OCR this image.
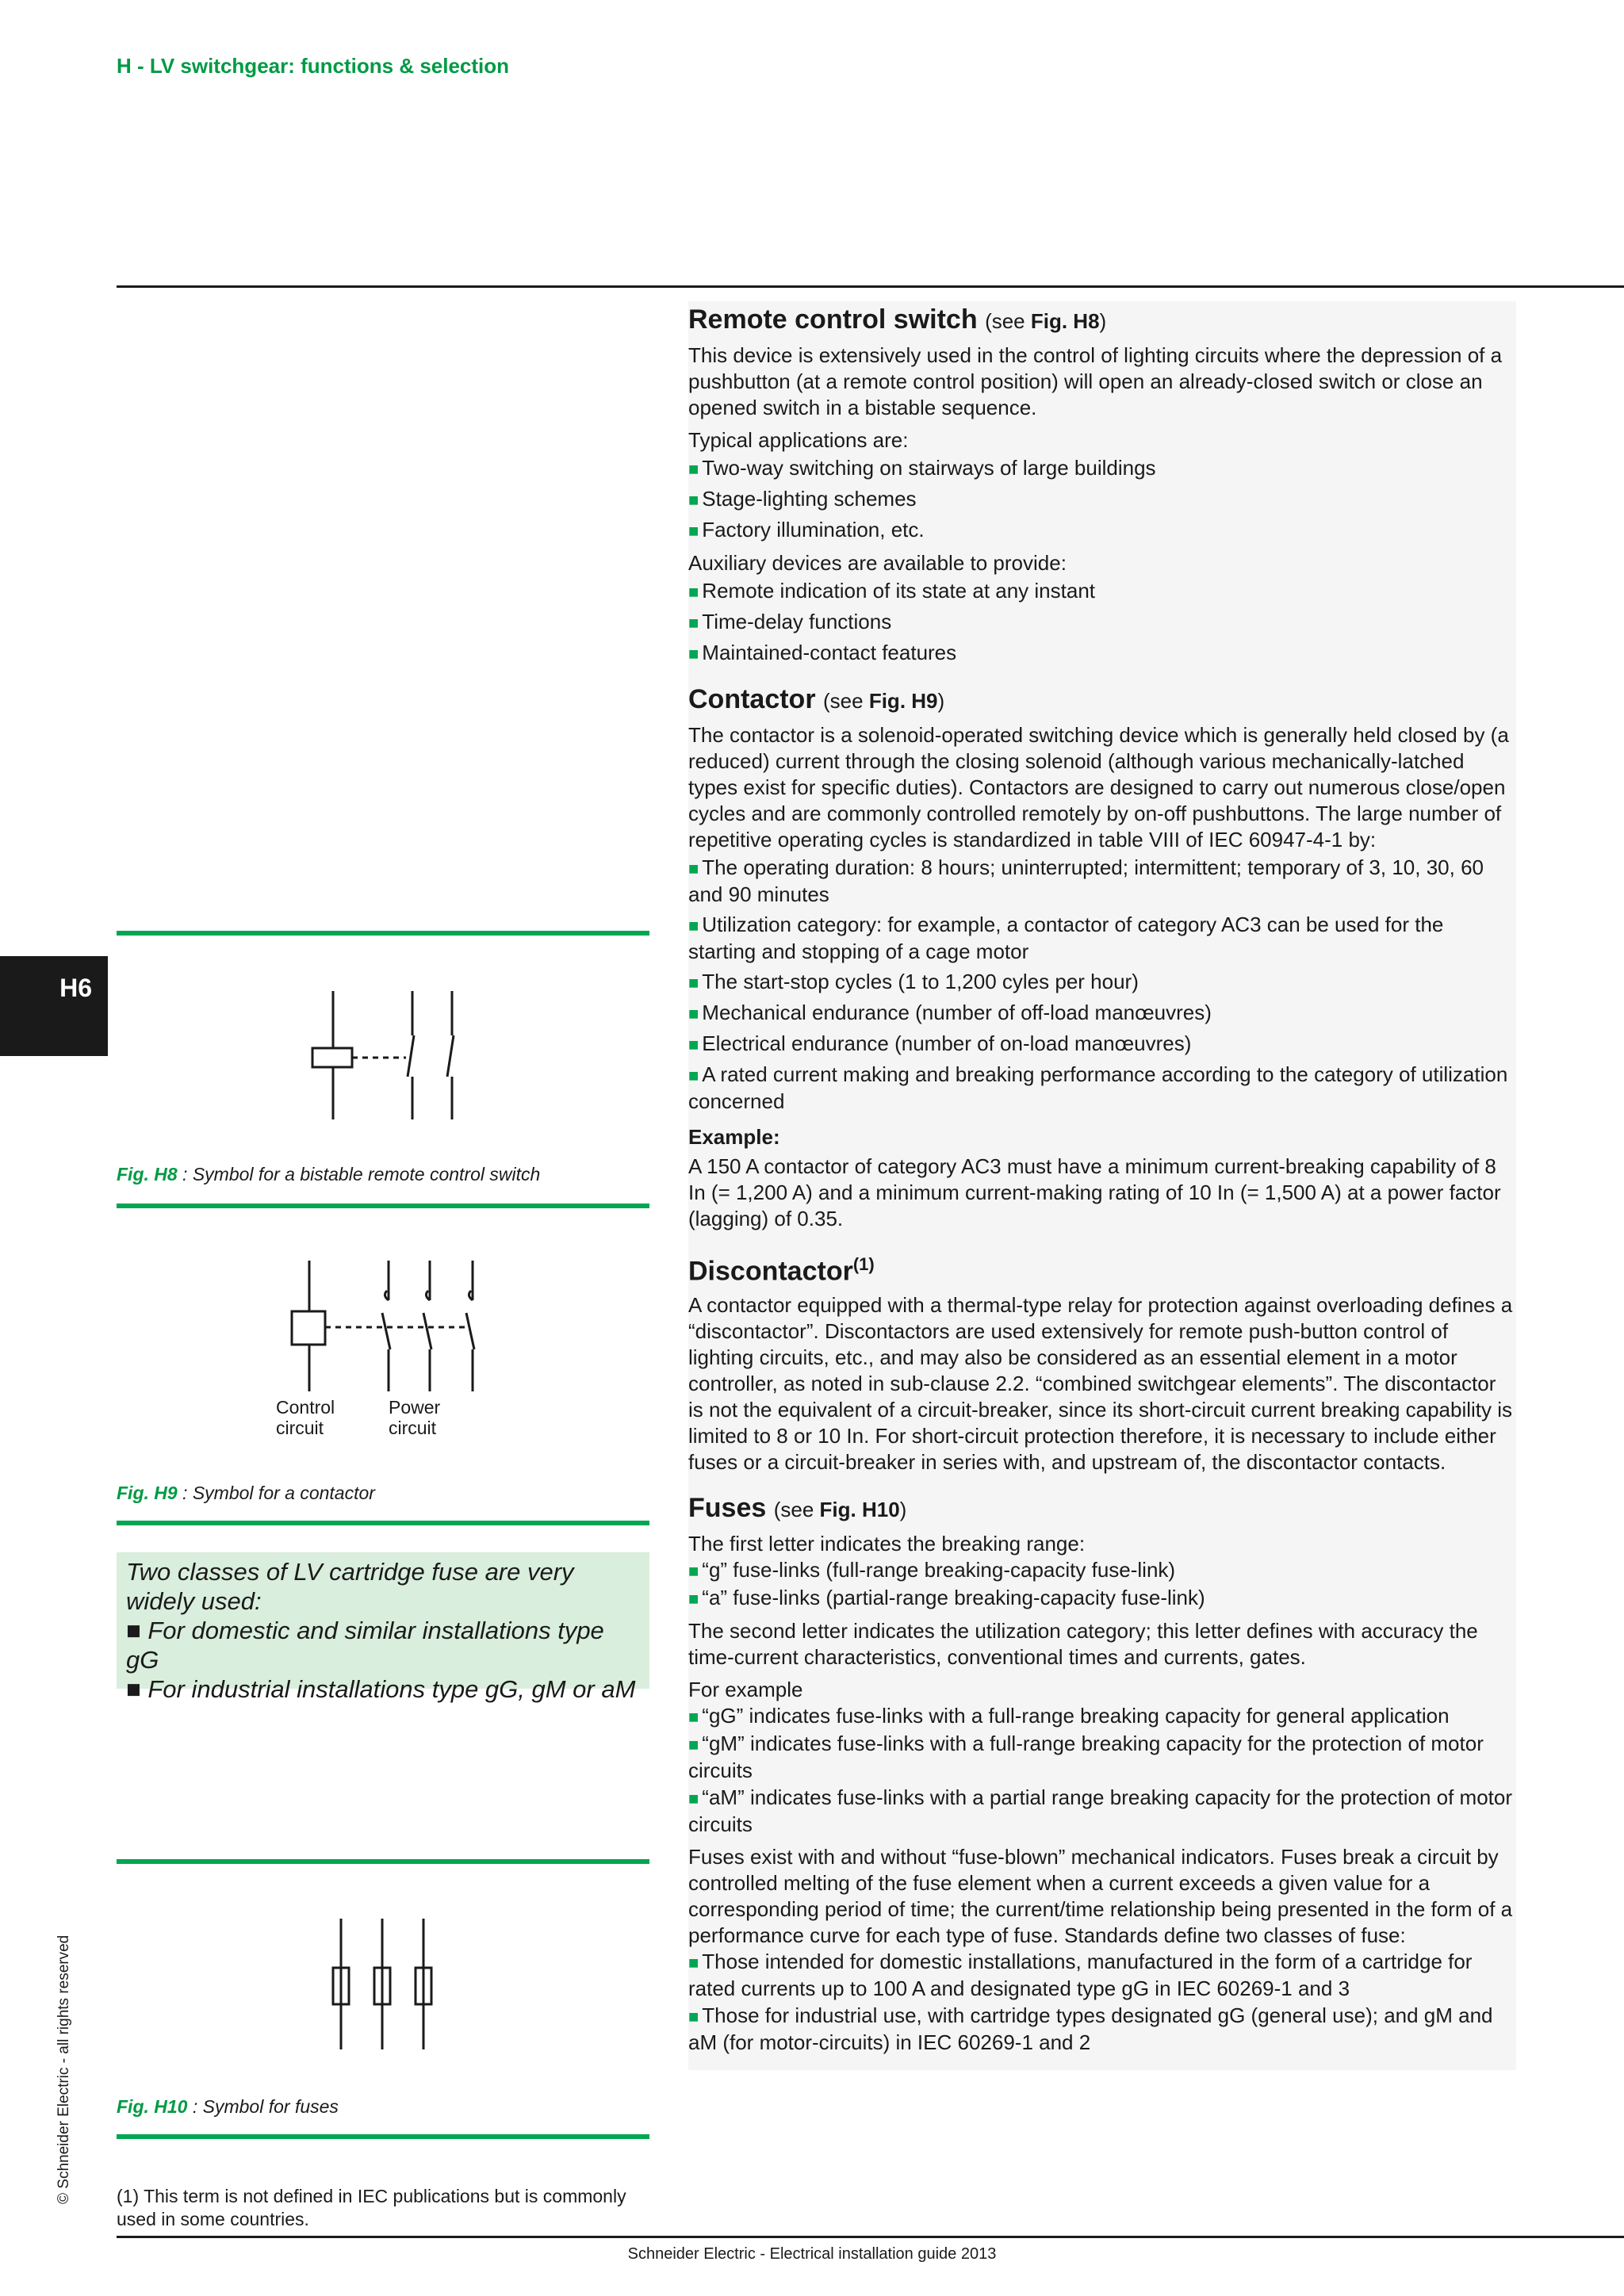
H - LV switchgear: functions & selection
H6
© Schneider Electric - all rights reserved
Fig. H8 : Symbol for a bistable remote control switch
Control
circuit
Power
circuit
Fig. H9 : Symbol for a contactor
Two classes of LV cartridge fuse are very
widely used:
■ For domestic and similar installations type gG
■ For industrial installations type gG, gM or aM
Fig. H10 : Symbol for fuses
(1) This term is not defined in IEC publications but is commonly used in some countries.
Remote control switch (see Fig. H8)

This device is extensively used in the control of lighting circuits where the depression of a pushbutton (at a remote control position) will open an already-closed switch or close an opened switch in a bistable sequence.

Typical applications are:

■ Two-way switching on stairways of large buildings
■ Stage-lighting schemes
■ Factory illumination, etc.

Auxiliary devices are available to provide:

■ Remote indication of its state at any instant
■ Time-delay functions
■ Maintained-contact features
Contactor (see Fig. H9)

The contactor is a solenoid-operated switching device which is generally held closed by (a reduced) current through the closing solenoid (although various mechanically-latched types exist for specific duties). Contactors are designed to carry out numerous close/open cycles and are commonly controlled remotely by on-off pushbuttons. The large number of repetitive operating cycles is standardized in table VIII of IEC 60947-4-1 by:

■ The operating duration: 8 hours; uninterrupted; intermittent; temporary of 3, 10, 30, 60 and 90 minutes
■ Utilization category: for example, a contactor of category AC3 can be used for the starting and stopping of a cage motor
■ The start-stop cycles (1 to 1,200 cyles per hour)
■ Mechanical endurance (number of off-load manœuvres)
■ Electrical endurance (number of on-load manœuvres)
■ A rated current making and breaking performance according to the category of utilization concerned
Example:

A 150 A contactor of category AC3 must have a minimum current-breaking capability of 8 In (= 1,200 A) and a minimum current-making rating of 10 In (= 1,500 A) at a power factor (lagging) of 0.35.

Discontactor$^{(1)}$

A contactor equipped with a thermal-type relay for protection against overloading defines a “discontactor”. Discontactors are used extensively for remote push-button control of lighting circuits, etc., and may also be considered as an essential element in a motor controller, as noted in sub-clause 2.2. “combined switchgear elements”. The discontactor is not the equivalent of a circuit-breaker, since its short-circuit current breaking capability is limited to 8 or 10 In. For short-circuit protection therefore, it is necessary to include either fuses or a circuit-breaker in series with, and upstream of, the discontactor contacts.

Fuses (see Fig. H10)

The first letter indicates the breaking range:

■ “g” fuse-links (full-range breaking-capacity fuse-link)
■ “a” fuse-links (partial-range breaking-capacity fuse-link)

The second letter indicates the utilization category; this letter defines with accuracy the time-current characteristics, conventional times and currents, gates.

For example

■ “gG” indicates fuse-links with a full-range breaking capacity for general application
■ “gM” indicates fuse-links with a full-range breaking capacity for the protection of motor circuits
■ “aM” indicates fuse-links with a partial range breaking capacity for the protection of motor circuits

Fuses exist with and without “fuse-blown” mechanical indicators. Fuses break a circuit by controlled melting of the fuse element when a current exceeds a given value for a corresponding period of time; the current/time relationship being presented in the form of a performance curve for each type of fuse. Standards define two classes of fuse:

■ Those intended for domestic installations, manufactured in the form of a cartridge for rated currents up to 100 A and designated type gG in IEC 60269-1 and 3
■ Those for industrial use, with cartridge types designated gG (general use); and gM and aM (for motor-circuits) in IEC 60269-1 and 2
Schneider Electric - Electrical installation guide 2013
